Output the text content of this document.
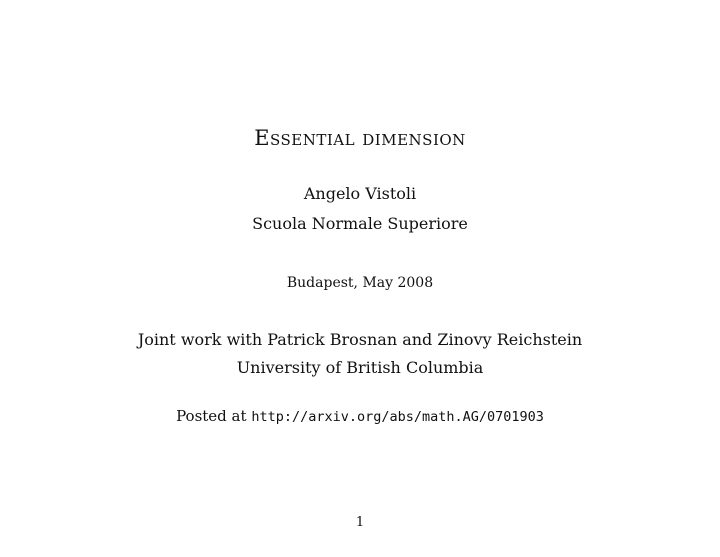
Essential dimension
Angelo Vistoli
Scuola Normale Superiore
Budapest, May 2008
Joint work with Patrick Brosnan and Zinovy Reichstein
University of British Columbia
Posted at http://arxiv.org/abs/math.AG/0701903
1
